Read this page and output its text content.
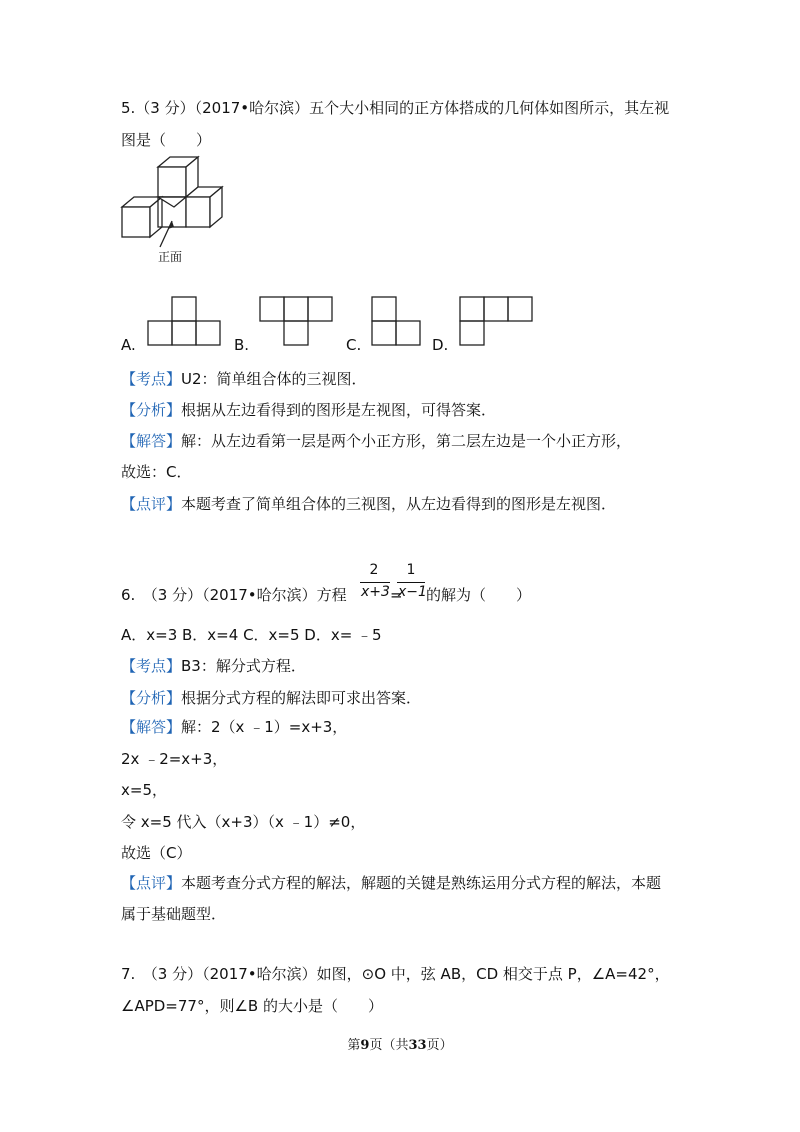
5.（3 分）（2017•哈尔滨）五个大小相同的正方体搭成的几何体如图所示，其左视
图是（　　）
正面
A.	B.	C.	D.
【考点】U2：简单组合体的三视图．
【分析】根据从左边看得到的图形是左视图，可得答案．
【解答】解：从左边看第一层是两个小正方形，第二层左边是一个小正方形，
故选：C．
【点评】本题考查了简单组合体的三视图，从左边看得到的图形是左视图．
6.　（3 分）（2017•哈尔滨）方程
2
x+3 =
1
x−1 的解为（　　）
A．x=3 B．x=4 C．x=5 D．x= ﹣5
【考点】B3：解分式方程．
【分析】根据分式方程的解法即可求出答案．
【解答】解：2（x ﹣1）=x+3，
2x ﹣2=x+3，
x=5，
令 x=5 代入（x+3）（x ﹣1）≠0，
故选（C）
【点评】本题考查分式方程的解法，解题的关键是熟练运用分式方程的解法，本题
属于基础题型．
7.　（3 分）（2017•哈尔滨）如图，⊙O 中，弦 AB，CD 相交于点 P，∠A=42°，
∠APD=77°，则∠B 的大小是（　　）
第9页（共33页）
